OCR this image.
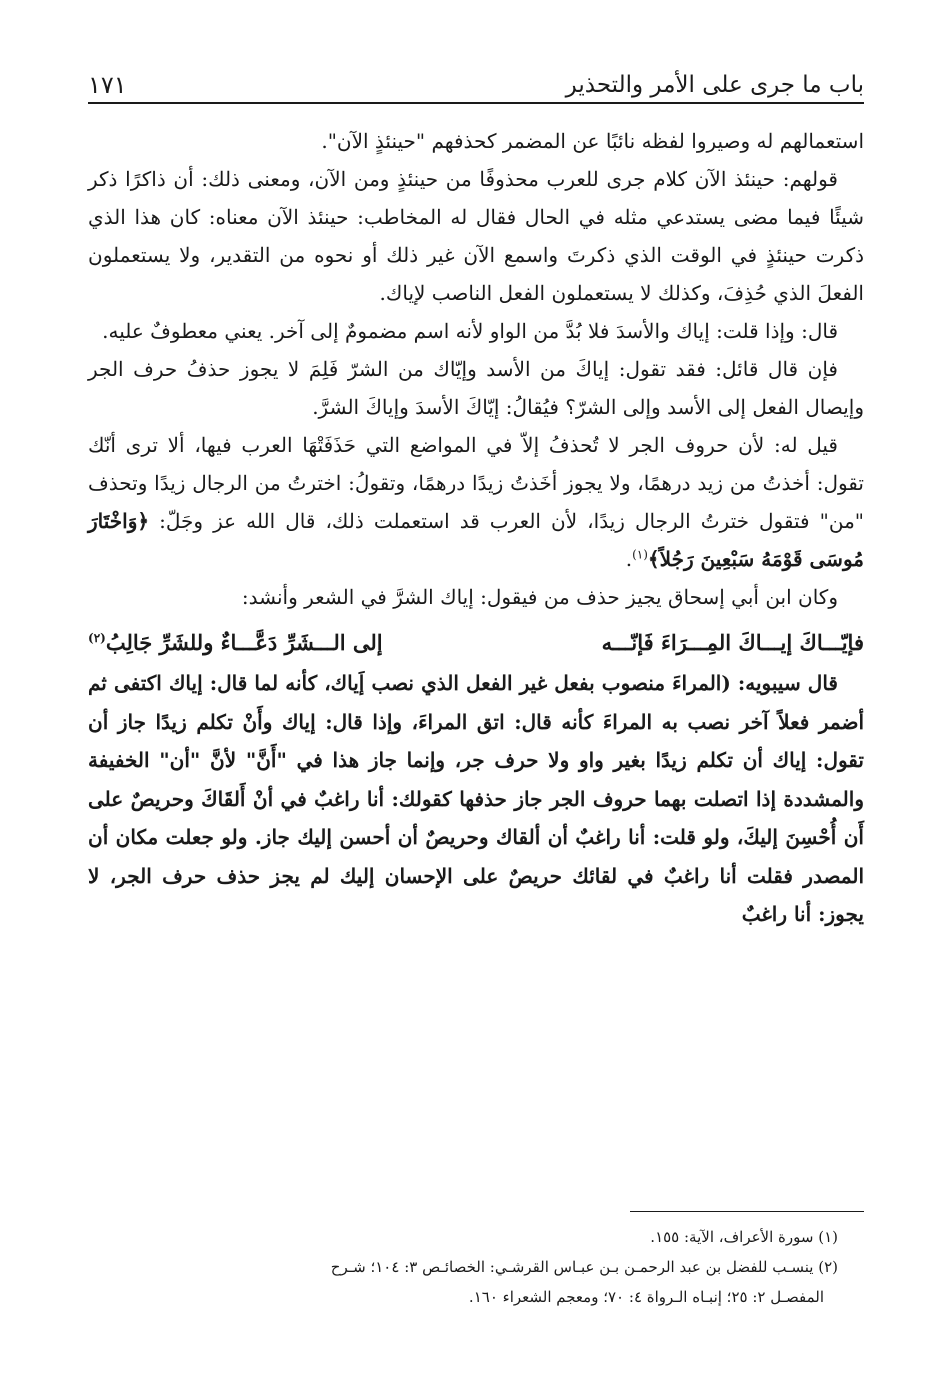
باب ما جرى على الأمر والتحذير
١٧١

استعمالهم له وصيروا لفظه نائبًا عن المضمر كحذفهم "حينئذٍ الآن".

قولهم: حينئذ الآن كلام جرى للعرب محذوفًا من حينئذٍ ومن الآن، ومعنى ذلك: أن ذاكرًا ذكر شيئًا فيما مضى يستدعي مثله في الحال فقال له المخاطب: حينئذ الآن معناه: كان هذا الذي ذكرت حينئذٍ في الوقت الذي ذكرتَ واسمع الآن غير ذلك أو نحوه من التقدير، ولا يستعملون الفعلَ الذي حُذِفَ، وكذلك لا يستعملون الفعل الناصب لإياك.

قال: وإذا قلت: إياك والأسدَ فلا بُدَّ من الواو لأنه اسم مضمومٌ إلى آخر. يعني معطوفٌ عليه.

فإن قال قائل: فقد تقول: إياكَ من الأسد وإيّاك من الشرّ فَلِمَ لا يجوز حذفُ حرف الجر وإيصال الفعل إلى الأسد وإلى الشرّ؟ فيُقالُ: إيّاكَ الأسدَ وإياكَ الشرَّ.

قيل له: لأن حروف الجر لا تُحذفُ إلاّ في المواضع التي حَذَفَتْهَا العرب فيها، ألا ترى أنّك تقول: أخذتُ من زيد درهمًا، ولا يجوز أخَذتُ زيدًا درهمًا، وتقولُ: اخترتُ من الرجال زيدًا وتحذف "من" فتقول خترتُ الرجال زيدًا، لأن العرب قد استعملت ذلك، قال الله عز وجَلّ: ﴿وَاخْتَارَ مُوسَى قَوْمَهُ سَبْعِينَ رَجُلاً﴾$^{(١)}$.

وكان ابن أبي إسحاق يجيز حذف من فيقول: إياك الشرَّ في الشعر وأنشد:

فإيّـــاكَ إيـــاكَ المِـــرَاءَ فَإنّـــه
إلى الـــشَرِّ دَعَّـــاءٌ وللشَرِّ جَالِبُ$^{(٢)}$

قال سيبويه: (المراءَ منصوب بفعل غير الفعل الذي نصب إَياك، كأنه لما قال: إياك اكتفى ثم أضمر فعلاً آخر نصب به المراءَ كأنه قال: اتق المراءَ، وإذا قال: إياك وأَنْ تكلم زيدًا جاز أن تقول: إياك أن تكلم زيدًا بغير واو ولا حرف جر، وإنما جاز هذا في "أَنَّ" لأنَّ "أن" الخفيفة والمشددة إذا اتصلت بهما حروف الجر جاز حذفها كقولك: أنا راغبٌ في أنْ أَلقَاكَ وحريصٌ على أَن أُحْسِنَ إليكَ، ولو قلت: أنا راغبٌ أن ألقاك وحريصٌ أن أحسن إليك جاز. ولو جعلت مكان أن المصدر فقلت أنا راغبٌ في لقائك حريصٌ على الإحسان إليك لم يجز حذف حرف الجر، لا يجوز: أنا راغبٌ

(١) سورة الأعراف، الآية: ١٥٥.

(٢) ينسـب للفضل بن عبد الرحمـن بـن عبـاس القرشـي: الخصائـص ٣: ١٠٤؛ شـرح

المفصـل ٢: ٢٥؛ إنبـاه الـرواة ٤: ٧٠؛ ومعجم الشعراء ١٦٠.
